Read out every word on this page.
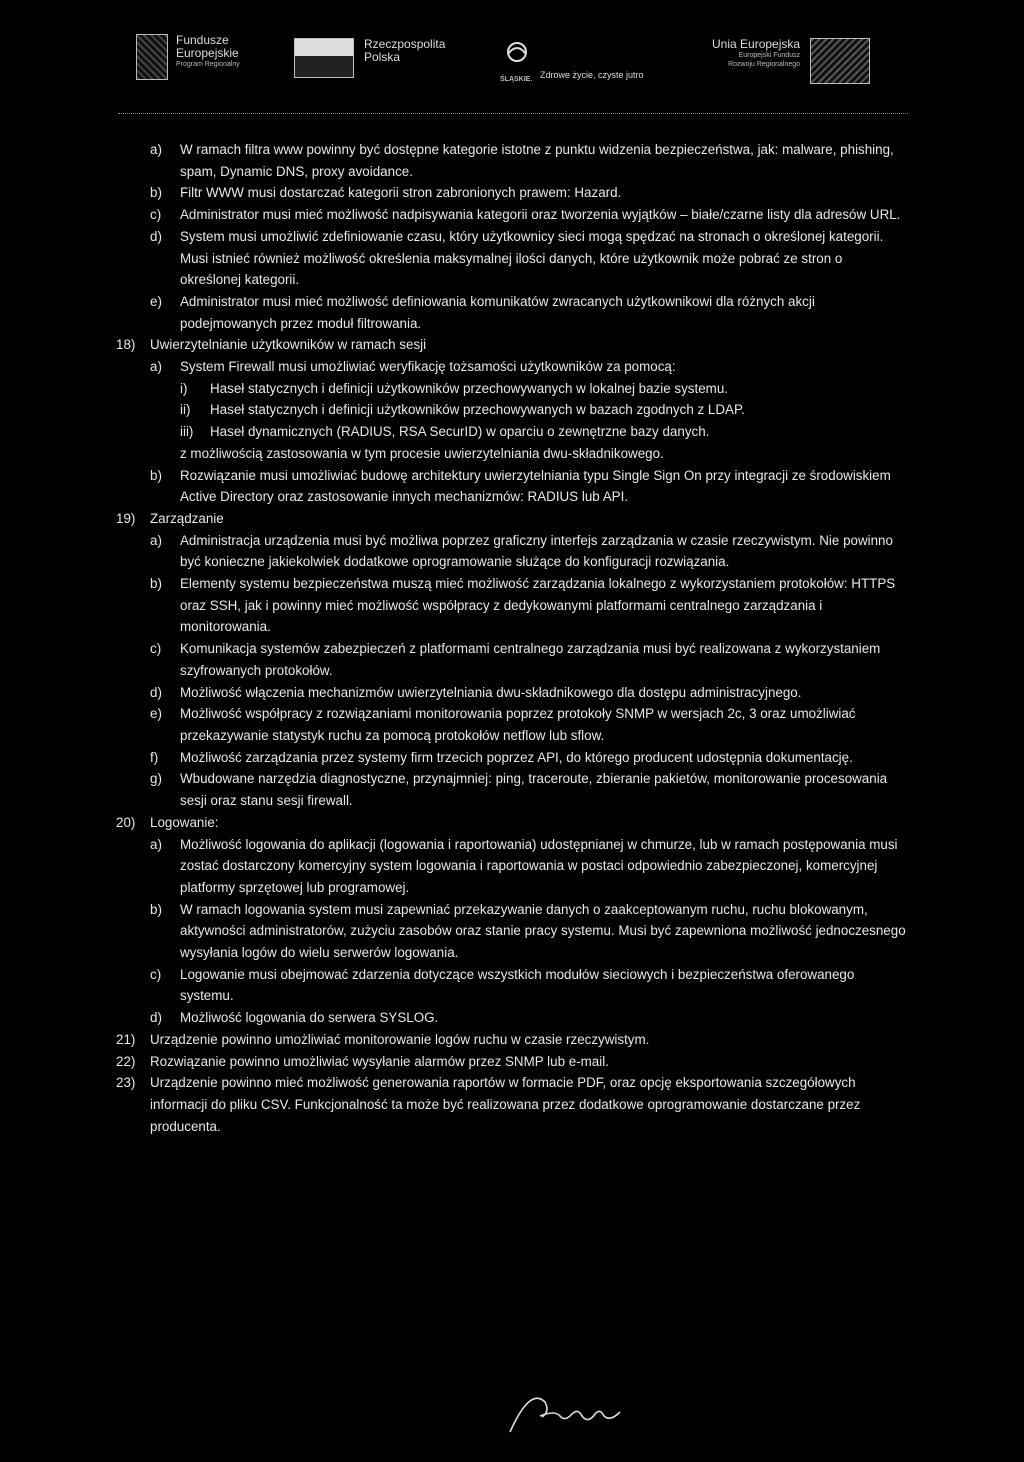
Fundusze
Europejskie
Program Regionalny
Rzeczpospolita
Polska
ŚLĄSKIE. Zdrowe życie, czyste jutro
Unia Europejska
Europejski Fundusz
Rozwoju Regionalnego
a)	W ramach filtra www powinny być dostępne kategorie istotne z punktu widzenia bezpieczeństwa, jak: malware, phishing, spam, Dynamic DNS, proxy avoidance.
b)	Filtr WWW musi dostarczać kategorii stron zabronionych prawem: Hazard.
c)	Administrator musi mieć możliwość nadpisywania kategorii oraz tworzenia wyjątków – białe/czarne listy dla adresów URL.
d)	System musi umożliwić zdefiniowanie czasu, który użytkownicy sieci mogą spędzać na stronach o określonej kategorii. Musi istnieć również możliwość określenia maksymalnej ilości danych, które użytkownik może pobrać ze stron o określonej kategorii.
e)	Administrator musi mieć możliwość definiowania komunikatów zwracanych użytkownikowi dla różnych akcji podejmowanych przez moduł filtrowania.
18)	Uwierzytelnianie użytkowników w ramach sesji
a)	System Firewall musi umożliwiać weryfikację tożsamości użytkowników za pomocą:
i)	Haseł statycznych i definicji użytkowników przechowywanych w lokalnej bazie systemu.
ii)	Haseł statycznych i definicji użytkowników przechowywanych w bazach zgodnych z LDAP.
iii)	Haseł dynamicznych (RADIUS, RSA SecurID) w oparciu o zewnętrzne bazy danych.
z możliwością zastosowania w tym procesie uwierzytelniania dwu-składnikowego.
b)	Rozwiązanie musi umożliwiać budowę architektury uwierzytelniania typu Single Sign On przy integracji ze środowiskiem Active Directory oraz zastosowanie innych mechanizmów: RADIUS lub API.
19)	Zarządzanie
a)	Administracja urządzenia musi być możliwa poprzez graficzny interfejs zarządzania w czasie rzeczywistym. Nie powinno być konieczne jakiekolwiek dodatkowe oprogramowanie służące do konfiguracji rozwiązania.
b)	Elementy systemu bezpieczeństwa muszą mieć możliwość zarządzania lokalnego z wykorzystaniem protokołów: HTTPS oraz SSH, jak i powinny mieć możliwość współpracy z dedykowanymi platformami centralnego zarządzania i monitorowania.
c)	Komunikacja systemów zabezpieczeń z platformami centralnego zarządzania musi być realizowana z wykorzystaniem szyfrowanych protokołów.
d)	Możliwość włączenia mechanizmów uwierzytelniania dwu-składnikowego dla dostępu administracyjnego.
e)	Możliwość współpracy z rozwiązaniami monitorowania poprzez protokoły SNMP w wersjach 2c, 3 oraz umożliwiać przekazywanie statystyk ruchu za pomocą protokołów netflow lub sflow.
f)	Możliwość zarządzania przez systemy firm trzecich poprzez API, do którego producent udostępnia dokumentację.
g)	Wbudowane narzędzia diagnostyczne, przynajmniej: ping, traceroute, zbieranie pakietów, monitorowanie procesowania sesji oraz stanu sesji firewall.
20)	Logowanie:
a)	Możliwość logowania do aplikacji (logowania i raportowania) udostępnianej w chmurze, lub w ramach postępowania musi zostać dostarczony komercyjny system logowania i raportowania w postaci odpowiednio zabezpieczonej, komercyjnej platformy sprzętowej lub programowej.
b)	W ramach logowania system musi zapewniać przekazywanie danych o zaakceptowanym ruchu, ruchu blokowanym, aktywności administratorów, zużyciu zasobów oraz stanie pracy systemu. Musi być zapewniona możliwość jednoczesnego wysyłania logów do wielu serwerów logowania.
c)	Logowanie musi obejmować zdarzenia dotyczące wszystkich modułów sieciowych i bezpieczeństwa oferowanego systemu.
d)	Możliwość logowania do serwera SYSLOG.
21)	Urządzenie powinno umożliwiać monitorowanie logów ruchu w czasie rzeczywistym.
22)	Rozwiązanie powinno umożliwiać wysyłanie alarmów przez SNMP lub e-mail.
23)	Urządzenie powinno mieć możliwość generowania raportów w formacie PDF, oraz opcję eksportowania szczegółowych informacji do pliku CSV. Funkcjonalność ta może być realizowana przez dodatkowe oprogramowanie dostarczane przez producenta.
